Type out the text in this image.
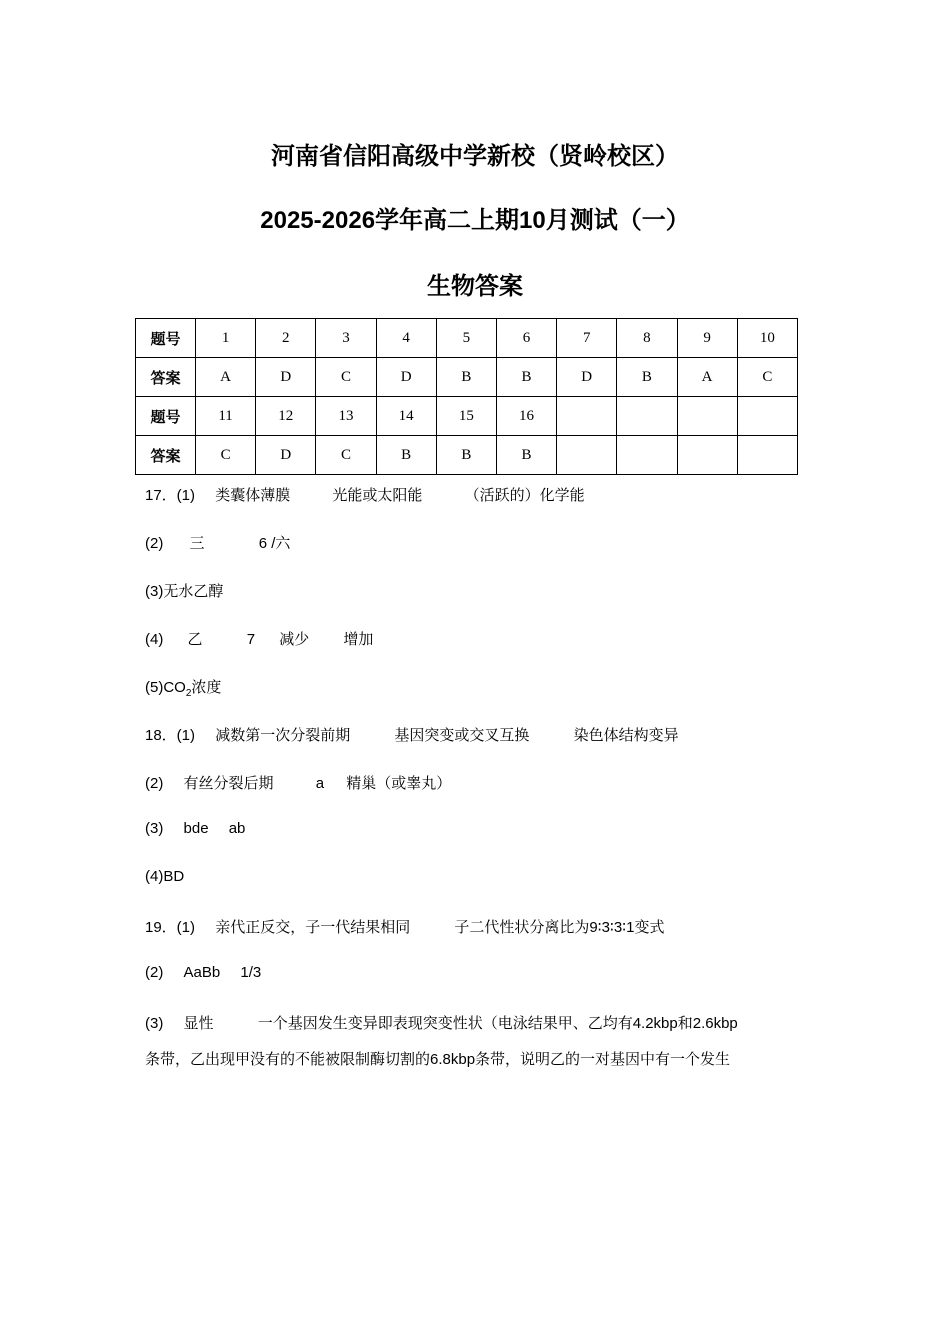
河南省信阳高级中学新校（贤岭校区）
2025-2026学年高二上期10月测试（一）
生物答案
题号	1	2	3	4	5	6	7	8	9	10
答案	A	D	C	D	B	B	D	B	A	C
题号	11	12	13	14	15	16				
答案	C	D	C	B	B	B				
17．(1) 类囊体薄膜	光能或太阳能	（活跃的）化学能
(2) 三	6 /六
(3)无水乙醇
(4) 乙	7 减少 增加
$(5)CO_2$浓度
18．(1) 减数第一次分裂前期	基因突变或交叉互换	染色体结构变异
(2) 有丝分裂后期	a 精巢（或睾丸）
(3) bde ab
(4)BD
19．(1) 亲代正反交，子一代结果相同	子二代性状分离比为9∶3∶3∶1变式
(2) AaBb 1/3
(3) 显性	一个基因发生变异即表现突变性状（电泳结果甲、乙均有4.2kbp和2.6kbp
条带，乙出现甲没有的不能被限制酶切割的6.8kbp条带，说明乙的一对基因中有一个发生
